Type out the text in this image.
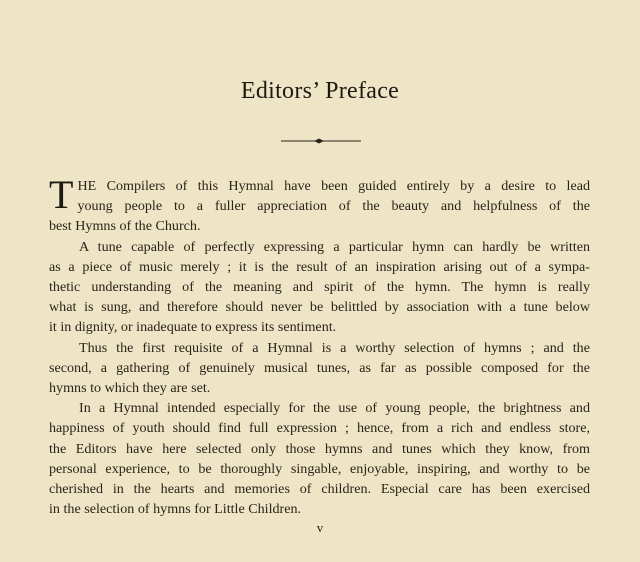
Editors’ Preface

T HE Compilers of this Hymnal have been guided entirely by a desire to lead
young people to a fuller appreciation of the beauty and helpfulness of the
best Hymns of the Church.

A tune capable of perfectly expressing a particular hymn can hardly be written
as a piece of music merely ; it is the result of an inspiration arising out of a sympa-
thetic understanding of the meaning and spirit of the hymn. The hymn is really
what is sung, and therefore should never be belittled by association with a tune below
it in dignity, or inadequate to express its sentiment.

Thus the first requisite of a Hymnal is a worthy selection of hymns ; and the
second, a gathering of genuinely musical tunes, as far as possible composed for the
hymns to which they are set.

In a Hymnal intended especially for the use of young people, the brightness and
happiness of youth should find full expression ; hence, from a rich and endless store,
the Editors have here selected only those hymns and tunes which they know, from
personal experience, to be thoroughly singable, enjoyable, inspiring, and worthy to be
cherished in the hearts and memories of children. Especial care has been exercised
in the selection of hymns for Little Children.

v
